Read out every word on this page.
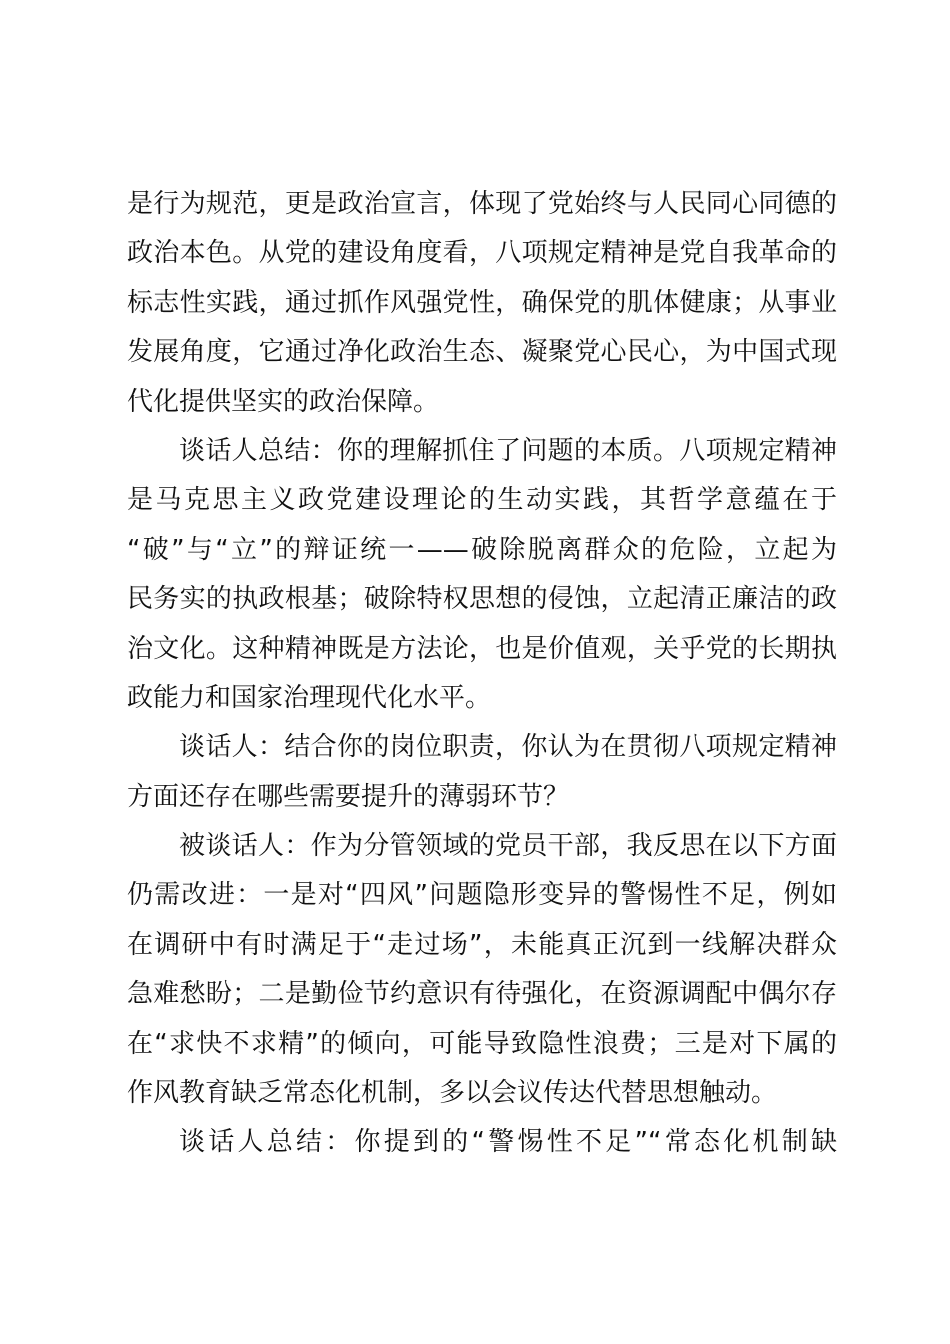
是行为规范，更是政治宣言，体现了党始终与人民同心同德的
政治本色。从党的建设角度看，八项规定精神是党自我革命的
标志性实践，通过抓作风强党性，确保党的肌体健康；从事业
发展角度，它通过净化政治生态、凝聚党心民心，为中国式现
代化提供坚实的政治保障。
谈话人总结：你的理解抓住了问题的本质。八项规定精神
是马克思主义政党建设理论的生动实践，其哲学意蕴在于
“破”与“立”的辩证统一——破除脱离群众的危险，立起为
民务实的执政根基；破除特权思想的侵蚀，立起清正廉洁的政
治文化。这种精神既是方法论，也是价值观，关乎党的长期执
政能力和国家治理现代化水平。
谈话人：结合你的岗位职责，你认为在贯彻八项规定精神
方面还存在哪些需要提升的薄弱环节？
被谈话人：作为分管领域的党员干部，我反思在以下方面
仍需改进：一是对“四风”问题隐形变异的警惕性不足，例如
在调研中有时满足于“走过场”，未能真正沉到一线解决群众
急难愁盼；二是勤俭节约意识有待强化，在资源调配中偶尔存
在“求快不求精”的倾向，可能导致隐性浪费；三是对下属的
作风教育缺乏常态化机制，多以会议传达代替思想触动。
谈话人总结：你提到的“警惕性不足”“常态化机制缺
